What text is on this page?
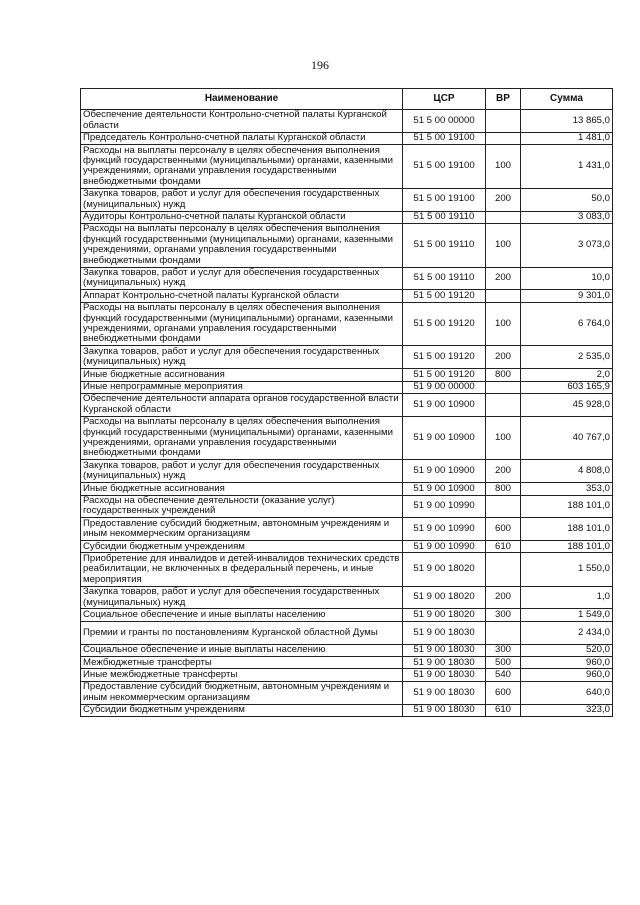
196
Наименование	ЦСР	ВР	Сумма
Обеспечение деятельности Контрольно-счетной палаты Курганской области	51 5 00 00000		13 865,0
Председатель Контрольно-счетной палаты Курганской области	51 5 00 19100		1 481,0
Расходы на выплаты персоналу в целях обеспечения выполнения функций государственными (муниципальными) органами, казенными учреждениями, органами управления государственными внебюджетными фондами	51 5 00 19100	100	1 431,0
Закупка товаров, работ и услуг для обеспечения государственных (муниципальных) нужд	51 5 00 19100	200	50,0
Аудиторы Контрольно-счетной палаты Курганской области	51 5 00 19110		3 083,0
Расходы на выплаты персоналу в целях обеспечения выполнения функций государственными (муниципальными) органами, казенными учреждениями, органами управления государственными внебюджетными фондами	51 5 00 19110	100	3 073,0
Закупка товаров, работ и услуг для обеспечения государственных (муниципальных) нужд	51 5 00 19110	200	10,0
Аппарат Контрольно-счетной палаты Курганской области	51 5 00 19120		9 301,0
Расходы на выплаты персоналу в целях обеспечения выполнения функций государственными (муниципальными) органами, казенными учреждениями, органами управления государственными внебюджетными фондами	51 5 00 19120	100	6 764,0
Закупка товаров, работ и услуг для обеспечения государственных (муниципальных) нужд	51 5 00 19120	200	2 535,0
Иные бюджетные ассигнования	51 5 00 19120	800	2,0
Иные непрограммные мероприятия	51 9 00 00000		603 165,9
Обеспечение деятельности аппарата органов государственной власти Курганской области	51 9 00 10900		45 928,0
Расходы на выплаты персоналу в целях обеспечения выполнения функций государственными (муниципальными) органами, казенными учреждениями, органами управления государственными внебюджетными фондами	51 9 00 10900	100	40 767,0
Закупка товаров, работ и услуг для обеспечения государственных (муниципальных) нужд	51 9 00 10900	200	4 808,0
Иные бюджетные ассигнования	51 9 00 10900	800	353,0
Расходы на обеспечение деятельности (оказание услуг) государственных учреждений	51 9 00 10990		188 101,0
Предоставление субсидий бюджетным, автономным учреждениям и иным некоммерческим организациям	51 9 00 10990	600	188 101,0
Субсидии бюджетным учреждениям	51 9 00 10990	610	188 101,0
Приобретение для инвалидов и детей-инвалидов технических средств реабилитации, не включенных в федеральный перечень, и иные мероприятия	51 9 00 18020		1 550,0
Закупка товаров, работ и услуг для обеспечения государственных (муниципальных) нужд	51 9 00 18020	200	1,0
Социальное обеспечение и иные выплаты населению	51 9 00 18020	300	1 549,0
Премии и гранты по постановлениям Курганской областной Думы	51 9 00 18030		2 434,0
Социальное обеспечение и иные выплаты населению	51 9 00 18030	300	520,0
Межбюджетные трансферты	51 9 00 18030	500	960,0
Иные межбюджетные трансферты	51 9 00 18030	540	960,0
Предоставление субсидий бюджетным, автономным учреждениям и иным некоммерческим организациям	51 9 00 18030	600	640,0
Субсидии бюджетным учреждениям	51 9 00 18030	610	323,0
